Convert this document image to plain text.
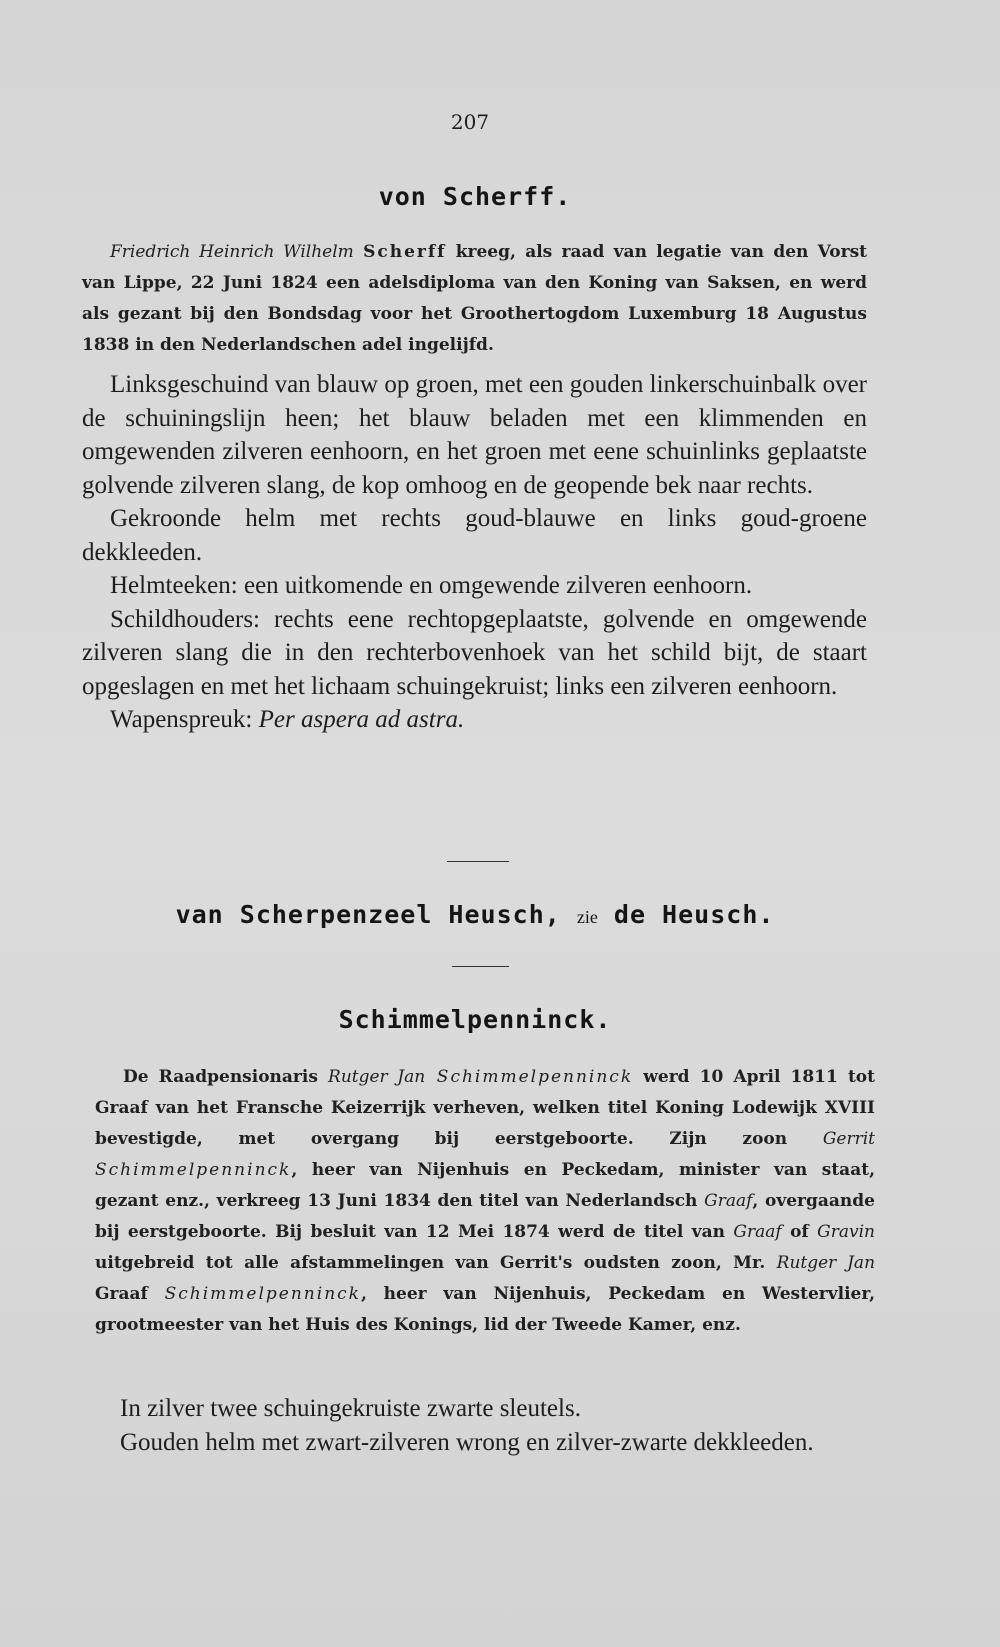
207
von Scherff.

Friedrich Heinrich Wilhelm Scherff kreeg, als raad van legatie van den Vorst van Lippe, 22 Juni 1824 een adelsdiploma van den Koning van Saksen, en werd als gezant bij den Bondsdag voor het Groothertogdom Luxemburg 18 Augustus 1838 in den Nederlandschen adel ingelijfd.

Linksgeschuind van blauw op groen, met een gouden linkerschuinbalk over de schuiningslijn heen; het blauw beladen met een klimmenden en omgewenden zilveren eenhoorn, en het groen met eene schuinlinks geplaatste golvende zilveren slang, de kop omhoog en de geopende bek naar rechts.

Gekroonde helm met rechts goud-blauwe en links goud-groene dekkleeden.

Helmteeken: een uitkomende en omgewende zilveren eenhoorn.

Schildhouders: rechts eene rechtopgeplaatste, golvende en omgewende zilveren slang die in den rechterbovenhoek van het schild bijt, de staart opgeslagen en met het lichaam schuingekruist; links een zilveren eenhoorn.

Wapenspreuk: Per aspera ad astra.

van Scherpenzeel Heusch, zie de Heusch.
Schimmelpenninck.

De Raadpensionaris Rutger Jan Schimmelpenninck werd 10 April 1811 tot Graaf van het Fransche Keizerrijk verheven, welken titel Koning Lodewijk XVIII bevestigde, met overgang bij eerstgeboorte. Zijn zoon Gerrit Schimmelpenninck, heer van Nijenhuis en Peckedam, minister van staat, gezant enz., verkreeg 13 Juni 1834 den titel van Nederlandsch Graaf, overgaande bij eerstgeboorte. Bij besluit van 12 Mei 1874 werd de titel van Graaf of Gravin uitgebreid tot alle afstammelingen van Gerrit's oudsten zoon, Mr. Rutger Jan Graaf Schimmelpenninck, heer van Nijenhuis, Peckedam en Westervlier, grootmeester van het Huis des Konings, lid der Tweede Kamer, enz.

In zilver twee schuingekruiste zwarte sleutels.

Gouden helm met zwart-zilveren wrong en zilver-zwarte dekkleeden.
